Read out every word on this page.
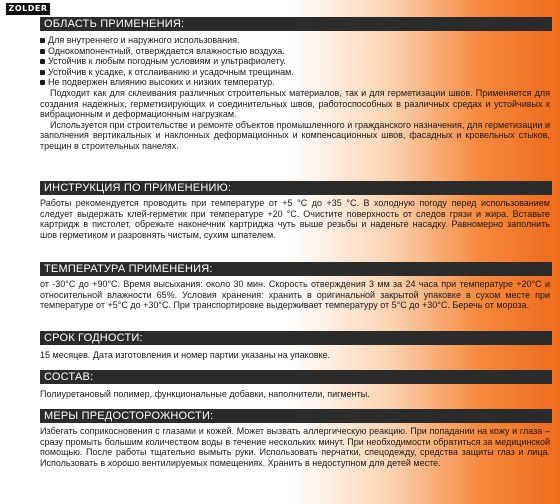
ZOLDER
ОБЛАСТЬ ПРИМЕНЕНИЯ:
Для внутреннего и наружного использования.
Однокомпонентный, отверждается влажностью воздуха.
Устойчив к любым погодным условиям и ультрафиолету.
Устойчив к усадке, к отслаиванию и усадочным трещинам.
Не подвержен влиянию высоких и низких температур.

Подходит как для склеивания различных строительных материалов, так и для герметизации швов. Применяется для создания надежных, герметизирующих и соединительных швов, работоспособных в различных средах и устойчивых к вибрационным и деформационным нагрузкам.

Используется при строительстве и ремонте объектов промышленного и гражданского назначения, для герметизации и заполнения вертикальных и наклонных деформационных и компенсационных швов, фасадных и кровельных стыков, трещин в строительных панелях.

ИНСТРУКЦИЯ ПО ПРИМЕНЕНИЮ:
Работы рекомендуется проводить при температуре от +5 °С до +35 °С. В холодную погоду перед использованием следует выдержать клей-герметик при температуре +20 °С. Очистите поверхность от следов грязи и жира. Вставьте картридж в пистолет, обрежьте наконечник картриджа чуть выше резьбы и наденьте насадку. Равномерно заполнить шов герметиком и разровнять чистым, сухим шпателем.
ТЕМПЕРАТУРА ПРИМЕНЕНИЯ:
от -30°С до +90°С. Время высыхания: около 30 мин. Скорость отверждения 3 мм за 24 часа при температуре +20°С и относительной влажности 65%. Условия хранения: хранить в оригинальной закрытой упаковке в сухом месте при температуре от +5°С до +30°С. При транспортировке выдерживает температуру от 5°С до +30°С. Беречь от мороза.
СРОК ГОДНОСТИ:
15 месяцев. Дата изготовления и номер партии указаны на упаковке.
СОСТАВ:
Полиуретановый полимер, функциональные добавки, наполнители, пигменты.
МЕРЫ ПРЕДОСТОРОЖНОСТИ:
Избегать соприкосновения с глазами и кожей. Может вызвать аллергическую реакцию. При попадании на кожу и глаза – сразу промыть большим количеством воды в течение нескольких минут. При необходимости обратиться за медицинской помощью. После работы тщательно вымыть руки. Использовать перчатки, спецодежду, средства защиты глаз и лица. Использовать в хорошо вентилируемых помещениях. Хранить в недоступном для детей месте.
